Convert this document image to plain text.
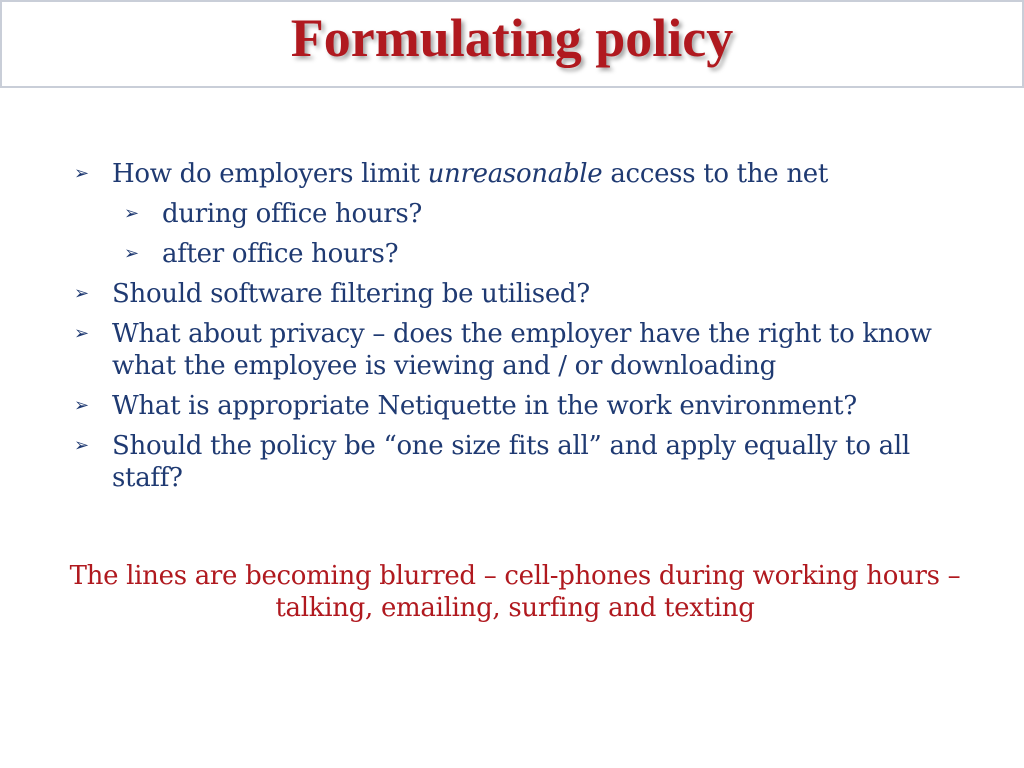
Formulating policy
➢ How do employers limit unreasonable access to the net
➢ during office hours?
➢ after office hours?
➢ Should software filtering be utilised?
➢ What about privacy – does the employer have the right to know what the employee is viewing and / or downloading
➢ What is appropriate Netiquette in the work environment?
➢ Should the policy be “one size fits all” and apply equally to all staff?
The lines are becoming blurred – cell-phones during working hours – talking, emailing, surfing and texting
